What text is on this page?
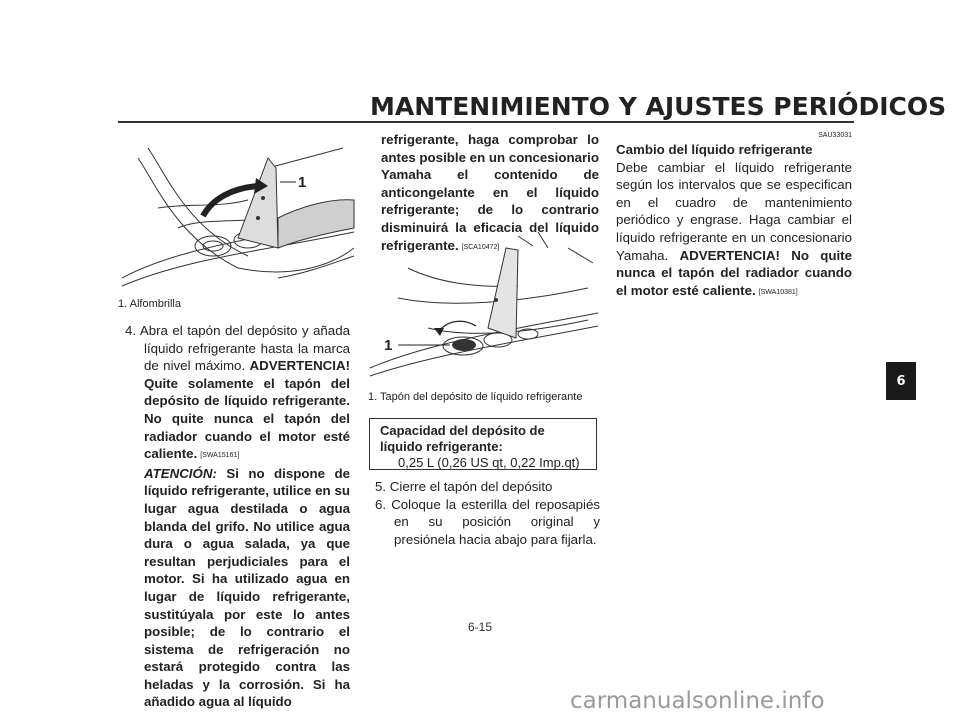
MANTENIMIENTO Y AJUSTES PERIÓDICOS
1
1. Alfombrilla

4. Abra el tapón del depósito y añada líquido refrigerante hasta la marca de nivel máximo. ADVERTENCIA! Quite solamente el tapón del depósito de líquido refrigerante. No quite nunca el tapón del radiador cuando el motor esté caliente. [SWA15161]

ATENCIÓN: Si no dispone de líquido refrigerante, utilice en su lugar agua destilada o agua blanda del grifo. No utilice agua dura o agua salada, ya que resultan perjudiciales para el motor. Si ha utilizado agua en lugar de líquido refrigerante, sustitúyala por este lo antes posible; de lo contrario el sistema de refrigeración no estará protegido contra las heladas y la corrosión. Si ha añadido agua al líquido

refrigerante, haga comprobar lo antes posible en un concesionario Yamaha el contenido de anticongelante en el líquido refrigerante; de lo contrario disminuirá la eficacia del líquido refrigerante. [SCA10472]

1
1. Tapón del depósito de líquido refrigerante
Capacidad del depósito de líquido refrigerante:
0,25 L (0,26 US qt, 0,22 Imp.qt)

5. Cierre el tapón del depósito

6. Coloque la esterilla del reposapiés en su posición original y presiónela hacia abajo para fijarla.

SAU33031
Cambio del líquido refrigerante

Debe cambiar el líquido refrigerante según los intervalos que se especifican en el cuadro de mantenimiento periódico y engrase. Haga cambiar el líquido refrigerante en un concesionario Yamaha. ADVERTENCIA! No quite nunca el tapón del radiador cuando el motor esté caliente. [SWA10381]

6
6-15
carmanualsonline.info
